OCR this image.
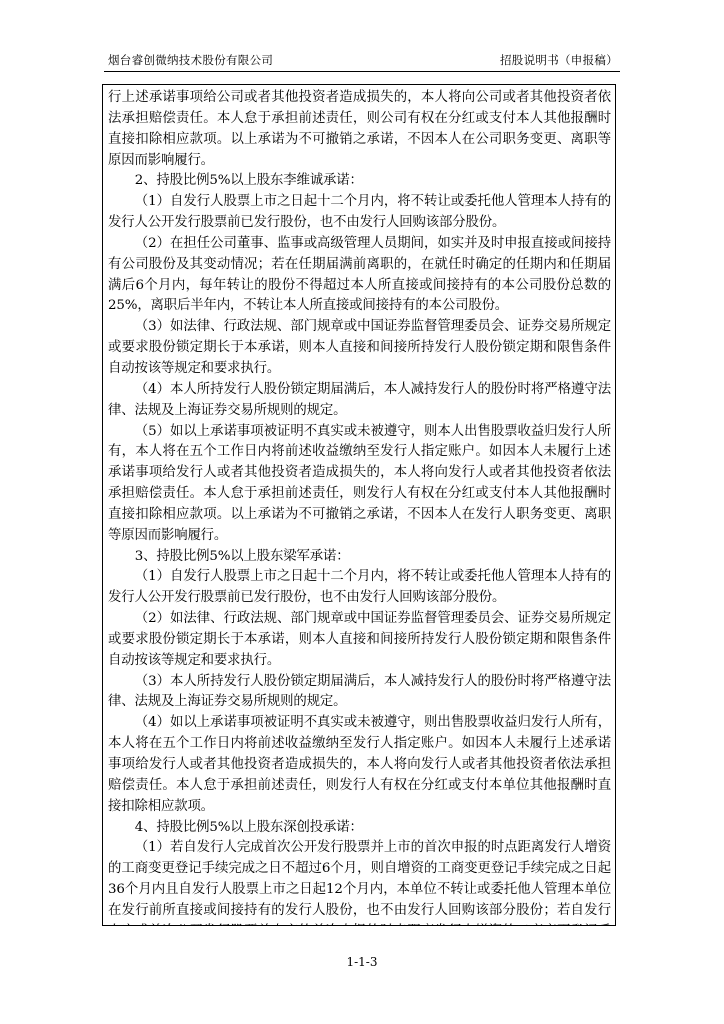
烟台睿创微纳技术股份有限公司	招股说明书（申报稿）

行上述承诺事项给公司或者其他投资者造成损失的，本人将向公司或者其他投资者依法承担赔偿责任。本人怠于承担前述责任，则公司有权在分红或支付本人其他报酬时直接扣除相应款项。以上承诺为不可撤销之承诺，不因本人在公司职务变更、离职等原因而影响履行。

2、持股比例5%以上股东李维诚承诺：

（1）自发行人股票上市之日起十二个月内，将不转让或委托他人管理本人持有的发行人公开发行股票前已发行股份，也不由发行人回购该部分股份。

（2）在担任公司董事、监事或高级管理人员期间，如实并及时申报直接或间接持有公司股份及其变动情况；若在任期届满前离职的，在就任时确定的任期内和任期届满后6个月内，每年转让的股份不得超过本人所直接或间接持有的本公司股份总数的25%，离职后半年内，不转让本人所直接或间接持有的本公司股份。

（3）如法律、行政法规、部门规章或中国证券监督管理委员会、证券交易所规定或要求股份锁定期长于本承诺，则本人直接和间接所持发行人股份锁定期和限售条件自动按该等规定和要求执行。

（4）本人所持发行人股份锁定期届满后，本人减持发行人的股份时将严格遵守法律、法规及上海证券交易所规则的规定。

（5）如以上承诺事项被证明不真实或未被遵守，则本人出售股票收益归发行人所有，本人将在五个工作日内将前述收益缴纳至发行人指定账户。如因本人未履行上述承诺事项给发行人或者其他投资者造成损失的，本人将向发行人或者其他投资者依法承担赔偿责任。本人怠于承担前述责任，则发行人有权在分红或支付本人其他报酬时直接扣除相应款项。以上承诺为不可撤销之承诺，不因本人在发行人职务变更、离职等原因而影响履行。

3、持股比例5%以上股东梁军承诺：

（1）自发行人股票上市之日起十二个月内，将不转让或委托他人管理本人持有的发行人公开发行股票前已发行股份，也不由发行人回购该部分股份。

（2）如法律、行政法规、部门规章或中国证券监督管理委员会、证券交易所规定或要求股份锁定期长于本承诺，则本人直接和间接所持发行人股份锁定期和限售条件自动按该等规定和要求执行。

（3）本人所持发行人股份锁定期届满后，本人减持发行人的股份时将严格遵守法律、法规及上海证券交易所规则的规定。

（4）如以上承诺事项被证明不真实或未被遵守，则出售股票收益归发行人所有，本人将在五个工作日内将前述收益缴纳至发行人指定账户。如因本人未履行上述承诺事项给发行人或者其他投资者造成损失的，本人将向发行人或者其他投资者依法承担赔偿责任。本人怠于承担前述责任，则发行人有权在分红或支付本单位其他报酬时直接扣除相应款项。

4、持股比例5%以上股东深创投承诺：

（1）若自发行人完成首次公开发行股票并上市的首次申报的时点距离发行人增资的工商变更登记手续完成之日不超过6个月，则自增资的工商变更登记手续完成之日起36个月内且自发行人股票上市之日起12个月内，本单位不转让或委托他人管理本单位在发行前所直接或间接持有的发行人股份，也不由发行人回购该部分股份；若自发行

1-1-3
